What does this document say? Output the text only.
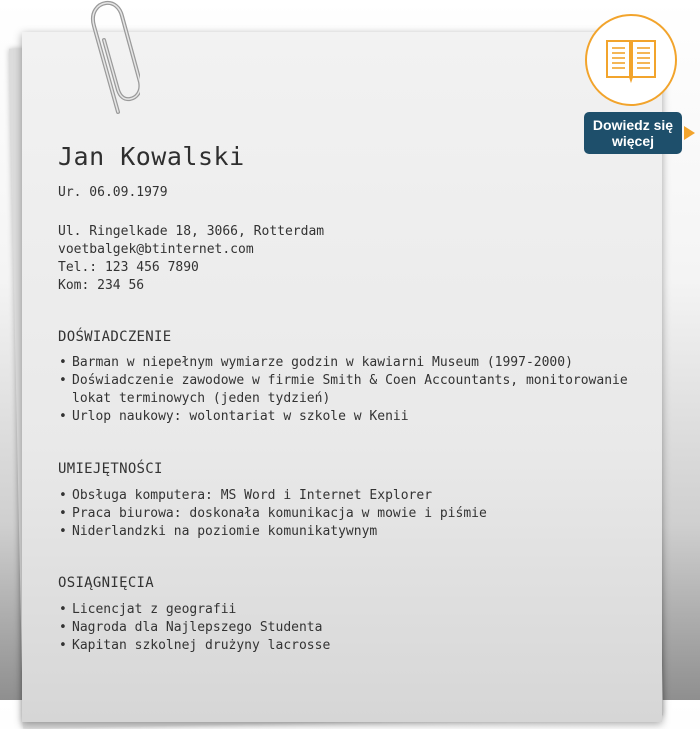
Jan Kowalski
Ur. 06.09.1979
Ul. Ringelkade 18, 3066, Rotterdam
voetbalgek@btinternet.com
Tel.: 123 456 7890
Kom: 234 56
DOŚWIADCZENIE
• Barman w niepełnym wymiarze godzin w kawiarni Museum (1997-2000)
• Doświadczenie zawodowe w firmie Smith & Coen Accountants, monitorowanie lokat terminowych (jeden tydzień)
• Urlop naukowy: wolontariat w szkole w Kenii
UMIEJĘTNOŚCI
• Obsługa komputera: MS Word i Internet Explorer
• Praca biurowa: doskonała komunikacja w mowie i piśmie
• Niderlandzki na poziomie komunikatywnym
OSIĄGNIĘCIA
• Licencjat z geografii
• Nagroda dla Najlepszego Studenta
• Kapitan szkolnej drużyny lacrosse
Dowiedz się
więcej
